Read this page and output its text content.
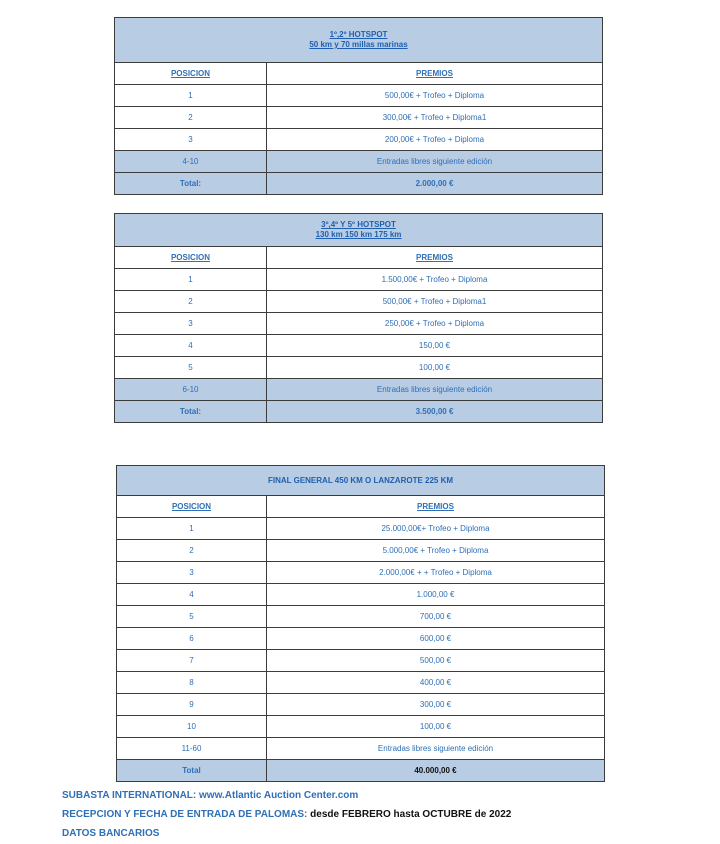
1º,2º HOTSPOT
50 km y 70 millas marinas	

POSICION	PREMIOS
1	500,00€ + Trofeo + Diploma
2	300,00€ + Trofeo + Diploma1
3	200,00€ + Trofeo + Diploma
4-10	Entradas libres siguiente edición
Total:	2.000,00 €
3º,4º Y 5º HOTSPOT
130 km 150 km 175 km	

POSICION	PREMIOS
1	1.500,00€ + Trofeo + Diploma
2	500,00€ + Trofeo + Diploma1
3	250,00€ + Trofeo + Diploma
4	150,00 €
5	100,00 €
6-10	Entradas libres siguiente edición
Total:	3.500,00 €
FINAL GENERAL 450 KM O LANZAROTE 225 KM	
POSICION	PREMIOS
1	25.000,00€+ Trofeo + Diploma
2	5.000,00€ + Trofeo + Diploma
3	2.000,00€ + + Trofeo + Diploma
4	1.000,00 €
5	700,00 €
6	600,00 €
7	500,00 €
8	400,00 €
9	300,00 €
10	100,00 €
11-60	Entradas libres siguiente edición
Total	40.000,00 €
SUBASTA INTERNATIONAL: www.Atlantic Auction Center.com
RECEPCION Y FECHA DE ENTRADA DE PALOMAS: desde FEBRERO hasta OCTUBRE de 2022
DATOS BANCARIOS
